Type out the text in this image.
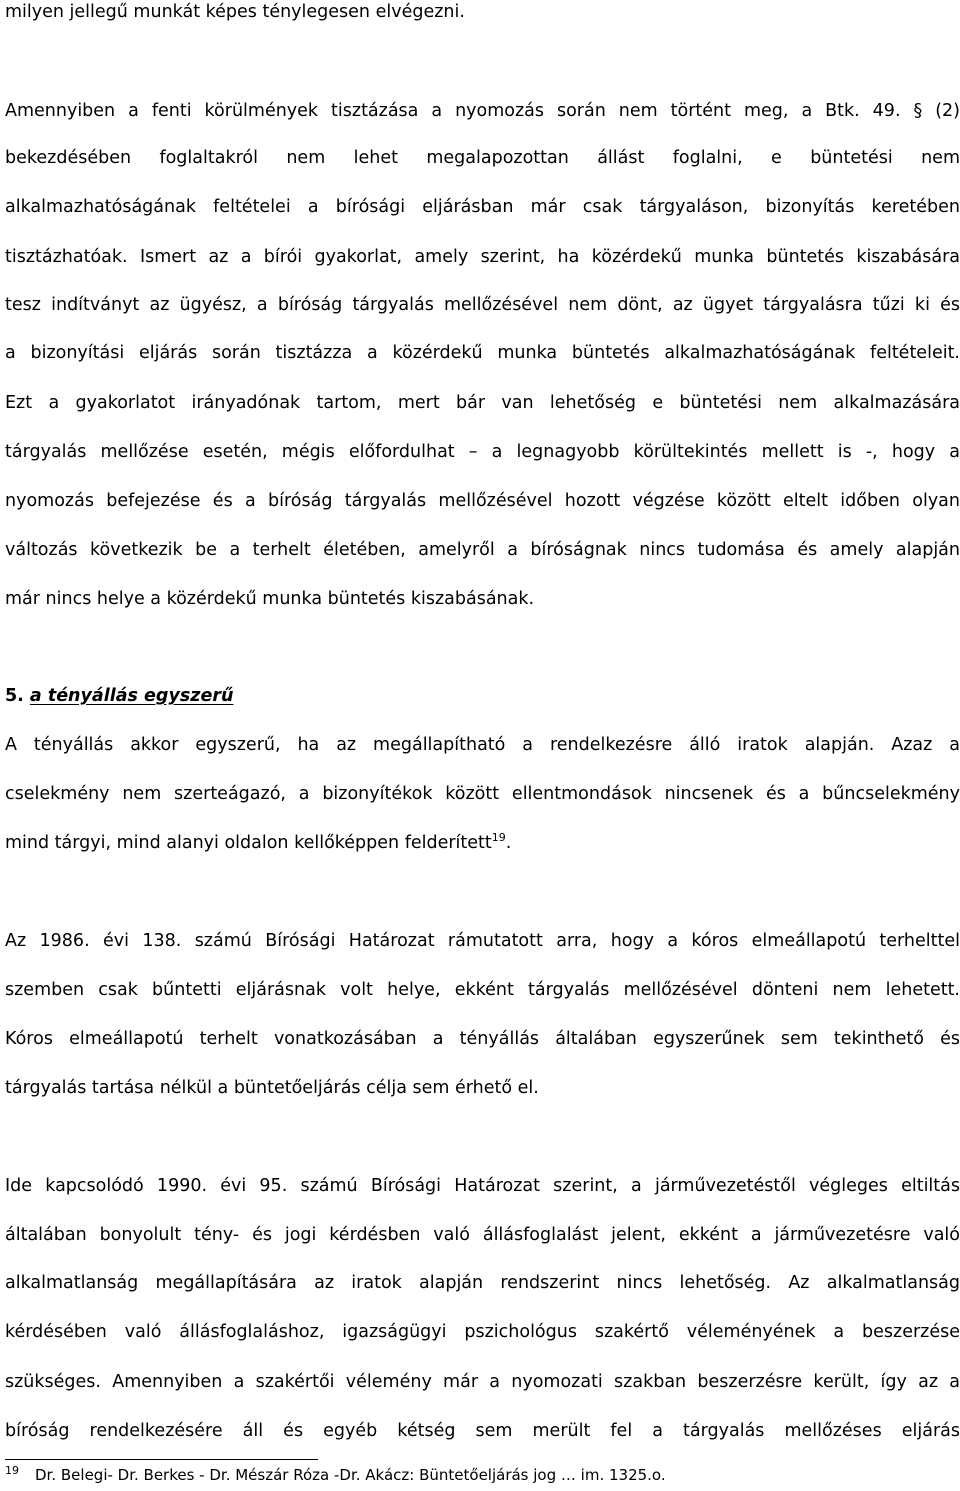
milyen jellegű munkát képes ténylegesen elvégezni.
Amennyiben a fenti körülmények tisztázása a nyomozás során nem történt meg, a Btk. 49. § (2)
bekezdésében foglaltakról nem lehet megalapozottan állást foglalni, e büntetési nem
alkalmazhatóságának feltételei a bírósági eljárásban már csak tárgyaláson, bizonyítás keretében
tisztázhatóak. Ismert az a bírói gyakorlat, amely szerint, ha közérdekű munka büntetés kiszabására
tesz indítványt az ügyész, a bíróság tárgyalás mellőzésével nem dönt, az ügyet tárgyalásra tűzi ki és
a bizonyítási eljárás során tisztázza a közérdekű munka büntetés alkalmazhatóságának feltételeit.
Ezt a gyakorlatot irányadónak tartom, mert bár van lehetőség e büntetési nem alkalmazására
tárgyalás mellőzése esetén, mégis előfordulhat – a legnagyobb körültekintés mellett is -, hogy a
nyomozás befejezése és a bíróság tárgyalás mellőzésével hozott végzése között eltelt időben olyan
változás következik be a terhelt életében, amelyről a bíróságnak nincs tudomása és amely alapján
már nincs helye a közérdekű munka büntetés kiszabásának.
5. a tényállás egyszerű
A tényállás akkor egyszerű, ha az megállapítható a rendelkezésre álló iratok alapján. Azaz a
cselekmény nem szerteágazó, a bizonyítékok között ellentmondások nincsenek és a bűncselekmény
mind tárgyi, mind alanyi oldalon kellőképpen felderített$^{19}$.
Az 1986. évi 138. számú Bírósági Határozat rámutatott arra, hogy a kóros elmeállapotú terhelttel
szemben csak bűntetti eljárásnak volt helye, ekként tárgyalás mellőzésével dönteni nem lehetett.
Kóros elmeállapotú terhelt vonatkozásában a tényállás általában egyszerűnek sem tekinthető és
tárgyalás tartása nélkül a büntetőeljárás célja sem érhető el.
Ide kapcsolódó 1990. évi 95. számú Bírósági Határozat szerint, a járművezetéstől végleges eltiltás
általában bonyolult tény- és jogi kérdésben való állásfoglalást jelent, ekként a járművezetésre való
alkalmatlanság megállapítására az iratok alapján rendszerint nincs lehetőség. Az alkalmatlanság
kérdésében való állásfoglaláshoz, igazságügyi pszichológus szakértő véleményének a beszerzése
szükséges. Amennyiben a szakértői vélemény már a nyomozati szakban beszerzésre került, így az a
bíróság rendelkezésére áll és egyéb kétség sem merült fel a tárgyalás mellőzéses eljárás
19 Dr. Belegi- Dr. Berkes - Dr. Mészár Róza -Dr. Akácz: Büntetőeljárás jog … im. 1325.o.
